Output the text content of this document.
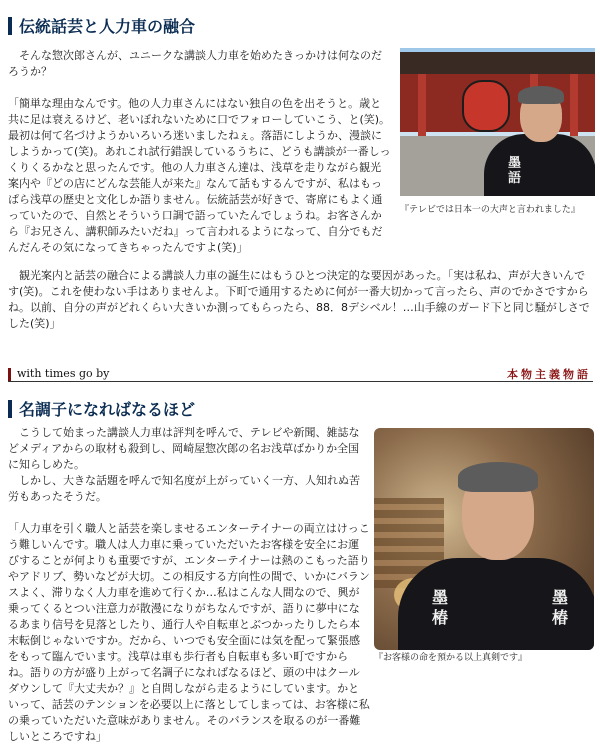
伝統話芸と人力車の融合

　そんな惣次郎さんが、ユニークな講談人力車を始めたきっかけは何なのだろうか？

「簡単な理由なんです。他の人力車さんにはない独自の色を出そうと。歳と共に足は衰えるけど、老いぼれないために口でフォローしていこう、と(笑)。最初は何て名づけようかいろいろ迷いましたねぇ。落語にしようか、漫談にしようかって(笑)。あれこれ試行錯誤しているうちに、どうも講談が一番しっくりくるかなと思ったんです。他の人力車さん達は、浅草を走りながら観光案内や『どの店にどんな芸能人が来た』なんて話もするんですが、私はもっぱら浅草の歴史と文化しか語りません。伝統話芸が好きで、寄席にもよく通っていたので、自然とそういう口調で語っていたんでしょうね。お客さんから『お兄さん、講釈師みたいだね』って言われるようになって、自分でもだんだんその気になってきちゃったんですよ(笑)」

墨
語

『テレビでは日本一の大声と言われました』

　観光案内と話芸の融合による講談人力車の誕生にはもうひとつ決定的な要因があった。「実は私ね、声が大きいんです(笑)。これを使わない手はありませんよ。下町で通用するために何が一番大切かって言ったら、声のでかさですからね。以前、自分の声がどれくらい大きいか測ってもらったら、88．8デシベル！…山手線のガード下と同じ騒がしさでした(笑)」

with times go by	本物主義物語
名調子になればなるほど
墨
椿
墨
椿

『お客様の命を預かる以上真剣です』

　こうして始まった講談人力車は評判を呼んで、テレビや新聞、雑誌などメディアからの取材も殺到し、岡崎屋惣次郎の名お浅草ばかりか全国に知らしめた。
　しかし、大きな話題を呼んで知名度が上がっていく一方、人知れぬ苦労もあったそうだ。

「人力車を引く職人と話芸を楽しませるエンターテイナーの両立はけっこう難しいんです。職人は人力車に乗っていただいたお客様を安全にお運びすることが何よりも重要ですが、エンターテイナーは熱のこもった語りやアドリブ、勢いなどが大切。この相反する方向性の間で、いかにバランスよく、滞りなく人力車を進めて行くか…私はこんな人間なので、興が乗ってくるとつい注意力が散漫になりがちなんですが、語りに夢中になるあまり信号を見落としたり、通行人や自転車とぶつかったりしたら本末転倒じゃないですか。だから、いつでも安全面には気を配って緊張感をもって臨んでいます。浅草は車も歩行者も自転車も多い町ですからね。語りの方が盛り上がって名調子になればなるほど、頭の中はクールダウンして『大丈夫か？』と自問しながら走るようにしています。かといって、話芸のテンションを必要以上に落としてしまっては、お客様に私の乗っていただいた意味がありません。そのバランスを取るのが一番難しいところですね」
